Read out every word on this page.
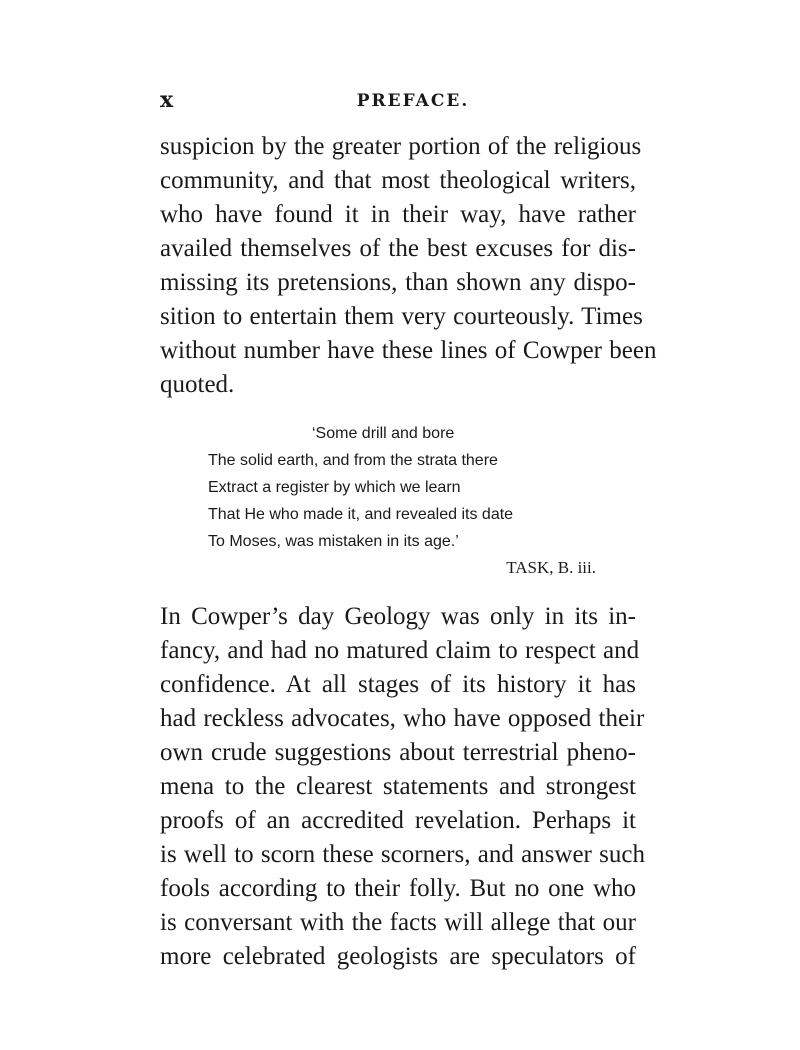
x	PREFACE.
suspicion by the greater portion of the religious
community, and that most theological writers,
who have found it in their way, have rather
availed themselves of the best excuses for dis-
missing its pretensions, than shown any dispo-
sition to entertain them very courteously. Times
without number have these lines of Cowper been
quoted.
‘Some drill and bore
The solid earth, and from the strata there
Extract a register by which we learn
That He who made it, and revealed its date
To Moses, was mistaken in its age.’
TASK, B. iii.
In Cowper’s day Geology was only in its in-
fancy, and had no matured claim to respect and
confidence. At all stages of its history it has
had reckless advocates, who have opposed their
own crude suggestions about terrestrial pheno-
mena to the clearest statements and strongest
proofs of an accredited revelation. Perhaps it
is well to scorn these scorners, and answer such
fools according to their folly. But no one who
is conversant with the facts will allege that our
more celebrated geologists are speculators of
